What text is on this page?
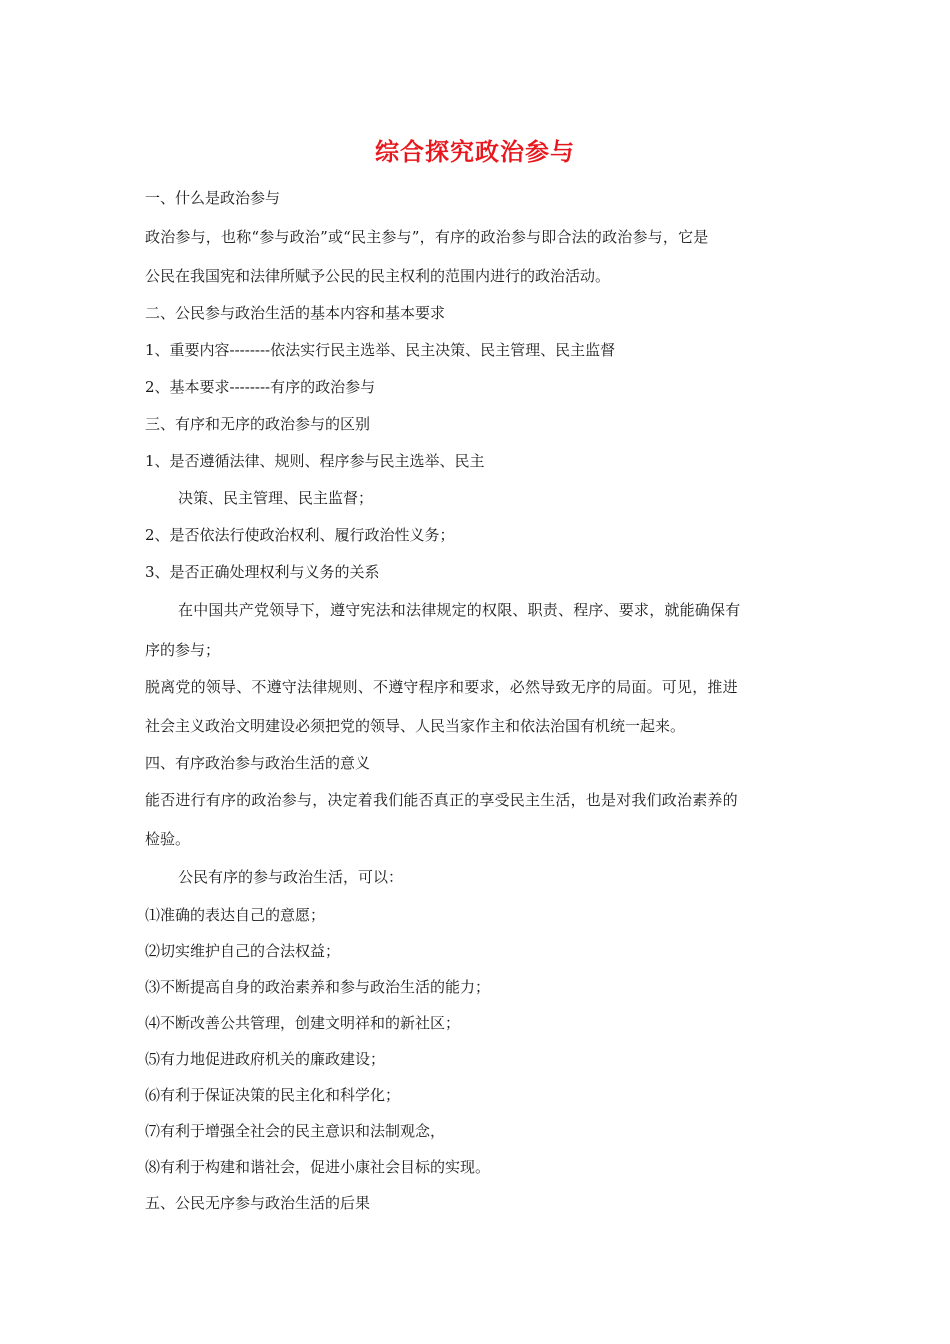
综合探究政治参与
一、什么是政治参与
政治参与，也称“参与政治”或“民主参与”，有序的政治参与即合法的政治参与，它是
公民在我国宪和法律所赋予公民的民主权利的范围内进行的政治活动。
二、公民参与政治生活的基本内容和基本要求
1、重要内容--------依法实行民主选举、民主决策、民主管理、民主监督
2、基本要求--------有序的政治参与
三、有序和无序的政治参与的区别
1、是否遵循法律、规则、程序参与民主选举、民主
决策、民主管理、民主监督；
2、是否依法行使政治权利、履行政治性义务；
3、是否正确处理权利与义务的关系
在中国共产党领导下，遵守宪法和法律规定的权限、职责、程序、要求，就能确保有
序的参与；
脱离党的领导、不遵守法律规则、不遵守程序和要求，必然导致无序的局面。可见，推进
社会主义政治文明建设必须把党的领导、人民当家作主和依法治国有机统一起来。
四、有序政治参与政治生活的意义
能否进行有序的政治参与，决定着我们能否真正的享受民主生活，也是对我们政治素养的
检验。
公民有序的参与政治生活，可以：
⑴准确的表达自己的意愿；
⑵切实维护自己的合法权益；
⑶不断提高自身的政治素养和参与政治生活的能力；
⑷不断改善公共管理，创建文明祥和的新社区；
⑸有力地促进政府机关的廉政建设；
⑹有利于保证决策的民主化和科学化；
⑺有利于增强全社会的民主意识和法制观念，
⑻有利于构建和谐社会，促进小康社会目标的实现。
五、公民无序参与政治生活的后果
